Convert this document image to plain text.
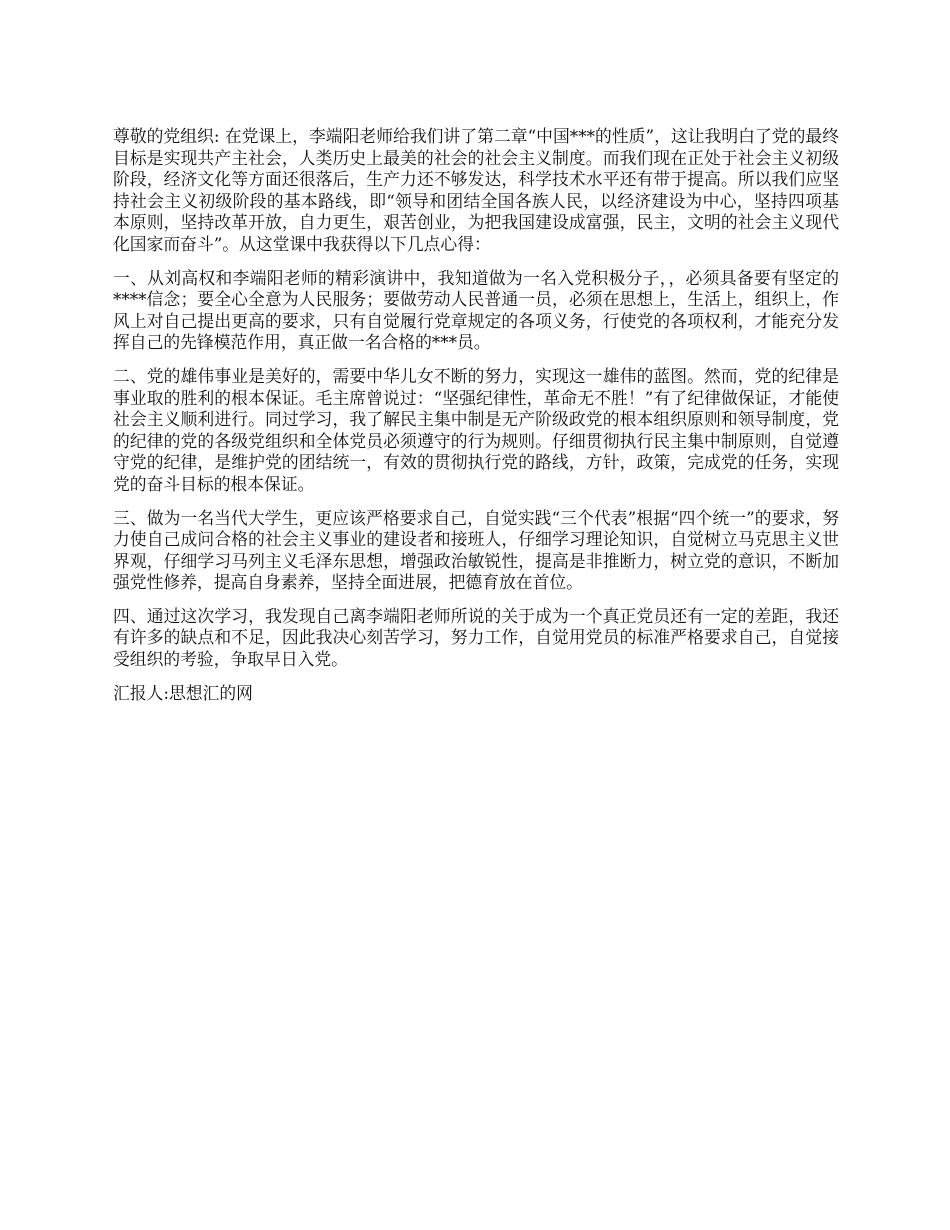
尊敬的党组织: 在党课上，李端阳老师给我们讲了第二章“中国***的性质”，这让我明白了党的最终目标是实现共产主社会，人类历史上最美的社会的社会主义制度。而我们现在正处于社会主义初级阶段，经济文化等方面还很落后，生产力还不够发达，科学技术水平还有带于提高。所以我们应坚持社会主义初级阶段的基本路线，即“领导和团结全国各族人民，以经济建设为中心，坚持四项基本原则，坚持改革开放，自力更生，艰苦创业，为把我国建设成富强，民主，文明的社会主义现代化国家而奋斗”。从这堂课中我获得以下几点心得：

一、从刘高权和李端阳老师的精彩演讲中，我知道做为一名入党积极分子，，必须具备要有坚定的****信念；要全心全意为人民服务；要做劳动人民普通一员，必须在思想上，生活上，组织上，作风上对自己提出更高的要求，只有自觉履行党章规定的各项义务，行使党的各项权利，才能充分发挥自己的先锋模范作用，真正做一名合格的***员。

二、党的雄伟事业是美好的，需要中华儿女不断的努力，实现这一雄伟的蓝图。然而，党的纪律是事业取的胜利的根本保证。毛主席曾说过：“坚强纪律性，革命无不胜！”有了纪律做保证，才能使社会主义顺利进行。同过学习，我了解民主集中制是无产阶级政党的根本组织原则和领导制度，党的纪律的党的各级党组织和全体党员必须遵守的行为规则。仔细贯彻执行民主集中制原则，自觉遵守党的纪律，是维护党的团结统一，有效的贯彻执行党的路线，方针，政策，完成党的任务，实现党的奋斗目标的根本保证。

三、做为一名当代大学生，更应该严格要求自己，自觉实践“三个代表”根据“四个统一”的要求，努力使自己成问合格的社会主义事业的建设者和接班人，仔细学习理论知识，自觉树立马克思主义世界观，仔细学习马列主义毛泽东思想，增强政治敏锐性，提高是非推断力，树立党的意识，不断加强党性修养，提高自身素养，坚持全面进展，把德育放在首位。

四、通过这次学习，我发现自己离李端阳老师所说的关于成为一个真正党员还有一定的差距，我还有许多的缺点和不足，因此我决心刻苦学习，努力工作，自觉用党员的标准严格要求自己，自觉接受组织的考验，争取早日入党。

汇报人:思想汇的网
